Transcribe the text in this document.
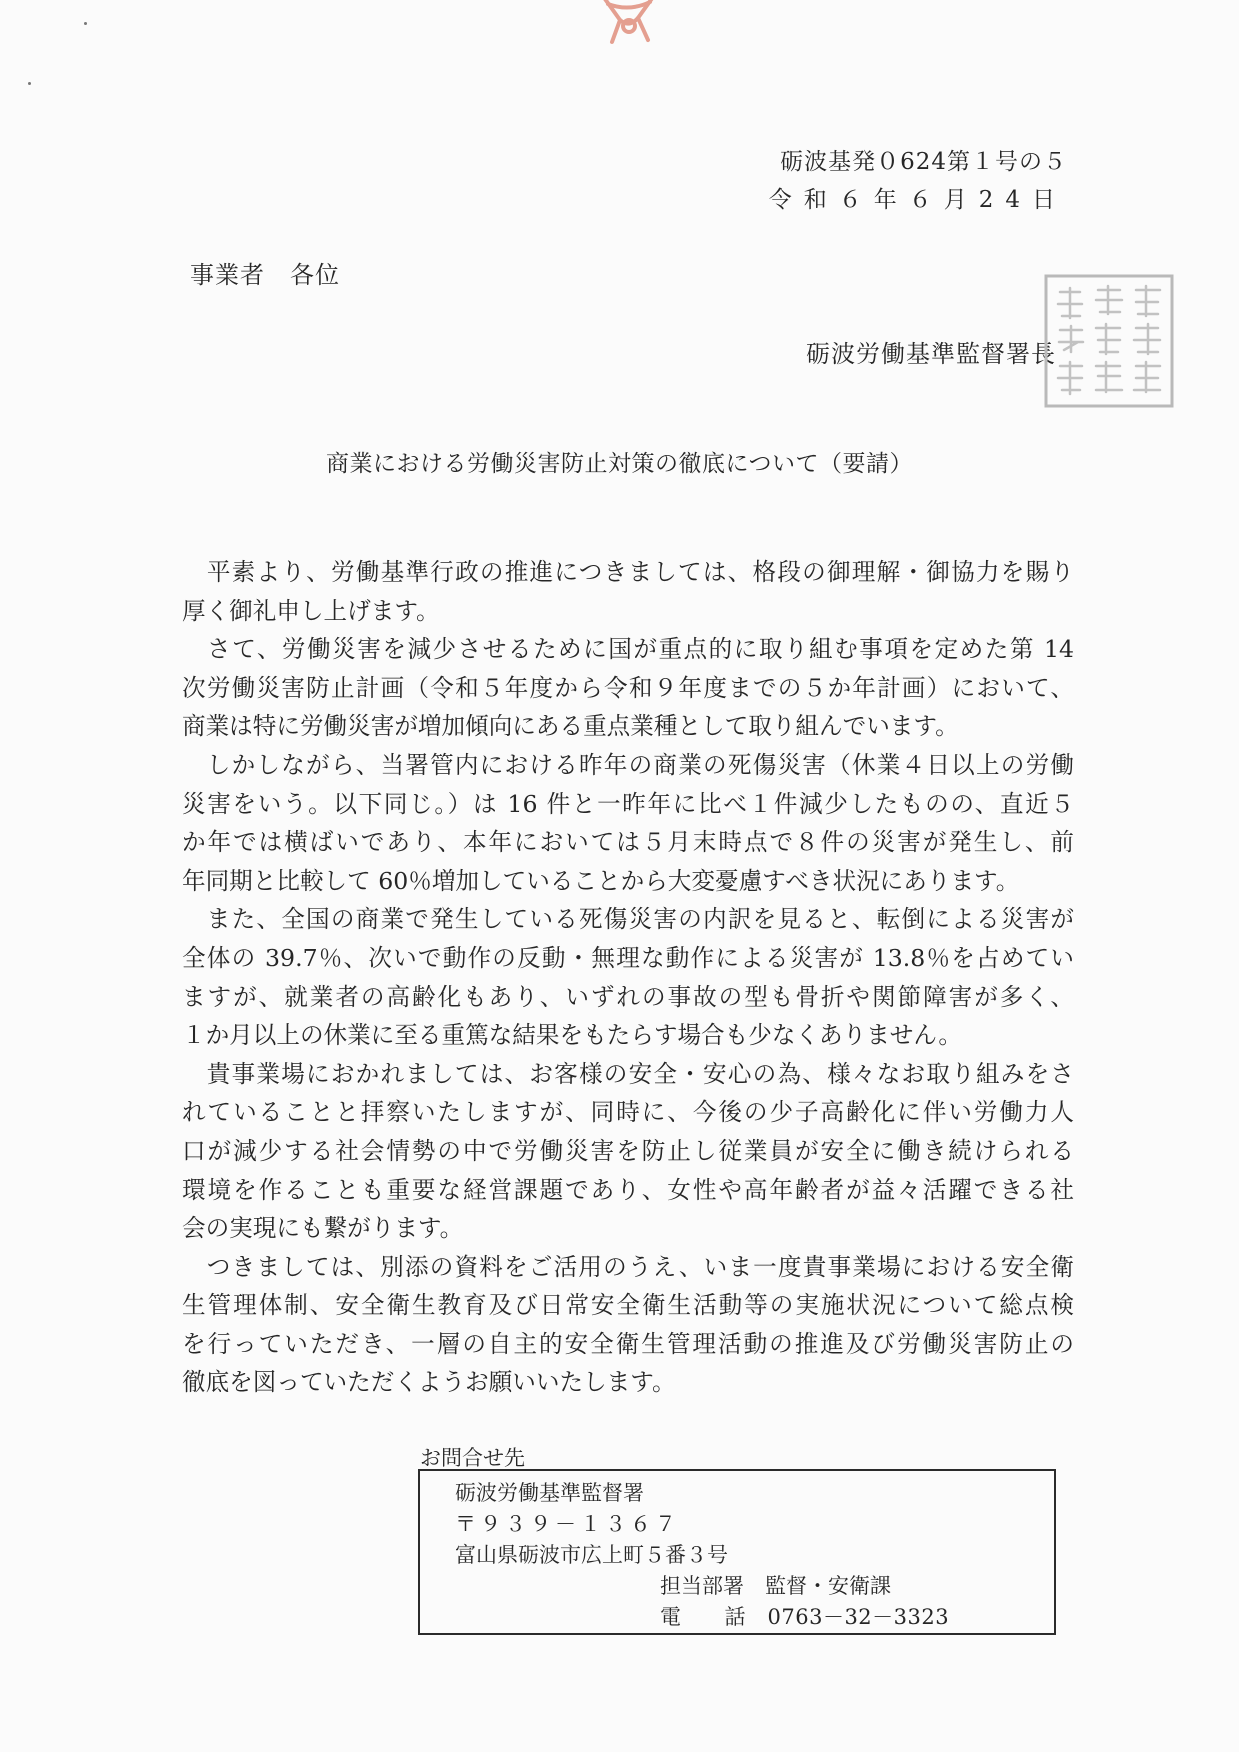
砺波基発０624第１号の５
令和６年６月24日
事業者　各位
砺波労働基準監督署長
商業における労働災害防止対策の徹底について（要請）
　平素より、労働基準行政の推進につきましては、格段の御理解・御協力を賜り
厚く御礼申し上げます。
　さて、労働災害を減少させるために国が重点的に取り組む事項を定めた第 14
次労働災害防止計画（令和５年度から令和９年度までの５か年計画）において、
商業は特に労働災害が増加傾向にある重点業種として取り組んでいます。
　しかしながら、当署管内における昨年の商業の死傷災害（休業４日以上の労働
災害をいう。以下同じ。）は 16 件と一昨年に比べ１件減少したものの、直近５
か年では横ばいであり、本年においては５月末時点で８件の災害が発生し、前
年同期と比較して 60％増加していることから大変憂慮すべき状況にあります。
　また、全国の商業で発生している死傷災害の内訳を見ると、転倒による災害が
全体の 39.7％、次いで動作の反動・無理な動作による災害が 13.8％を占めてい
ますが、就業者の高齢化もあり、いずれの事故の型も骨折や関節障害が多く、
１か月以上の休業に至る重篤な結果をもたらす場合も少なくありません。
　貴事業場におかれましては、お客様の安全・安心の為、様々なお取り組みをさ
れていることと拝察いたしますが、同時に、今後の少子高齢化に伴い労働力人
口が減少する社会情勢の中で労働災害を防止し従業員が安全に働き続けられる
環境を作ることも重要な経営課題であり、女性や高年齢者が益々活躍できる社
会の実現にも繋がります。
　つきましては、別添の資料をご活用のうえ、いま一度貴事業場における安全衛
生管理体制、安全衛生教育及び日常安全衛生活動等の実施状況について総点検
を行っていただき、一層の自主的安全衛生管理活動の推進及び労働災害防止の
徹底を図っていただくようお願いいたします。
お問合せ先
砺波労働基準監督署
〒９３９－１３６７
富山県砺波市広上町５番３号
担当部署　監督・安衛課
電　　話　0763－32－3323
